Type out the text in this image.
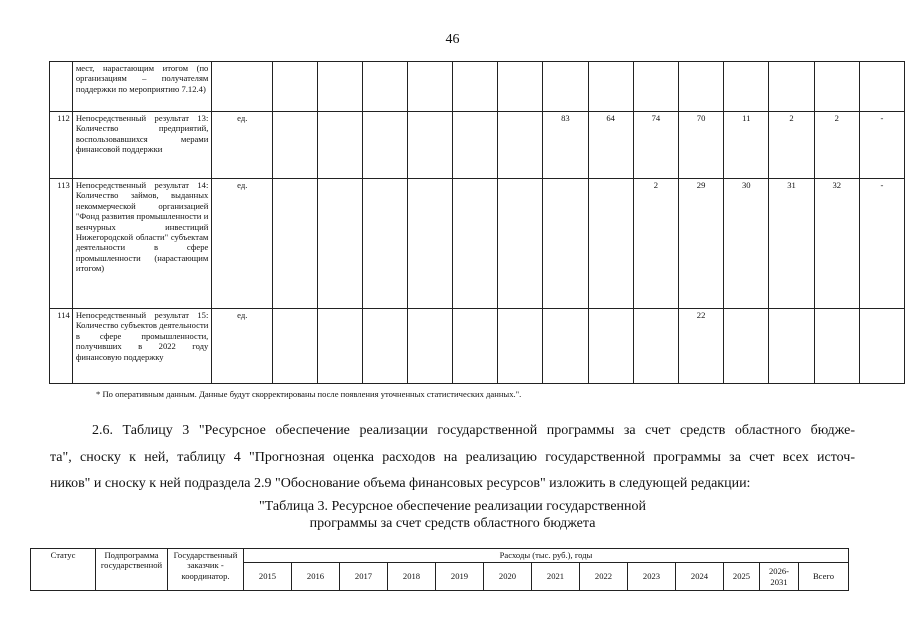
46
	мест, нарастающим итогом (по организациям – получателям поддержки по мероприятию 7.12.4)															
112	Непосредственный результат 13: Количество предприятий, воспользовавшихся мерами финансовой поддержки	ед.							83	64	74	70	11	2	2	-
113	Непосредственный результат 14: Количество займов, выданных некоммерческой организацией "Фонд развития промышленности и венчурных инвестиций Нижегородской области" субъектам деятельности в сфере промышленности (нарастающим итогом)	ед.									2	29	30	31	32	-
114	Непосредственный результат 15: Количество субъектов деятельности в сфере промышленности, получивших в 2022 году финансовую поддержку	ед.										22				
* По оперативным данным. Данные будут скорректированы после появления уточненных статистических данных.".

2.6. Таблицу 3 "Ресурсное обеспечение реализации государственной программы за счет средств областного бюдже-

та", сноску к ней, таблицу 4 "Прогнозная оценка расходов на реализацию государственной программы за счет всех источ-

ников" и сноску к ней подраздела 2.9 "Обоснование объема финансовых ресурсов" изложить в следующей редакции:

"Таблица 3. Ресурсное обеспечение реализации государственной
программы за счет средств областного бюджета
Статус	Подпрограмма государственной	Государственный заказчик - координатор.	Расходы (тыс. руб.), годы												
			2015	2016	2017	2018	2019	2020	2021	2022	2023	2024	2025	2026-2031	Всего
